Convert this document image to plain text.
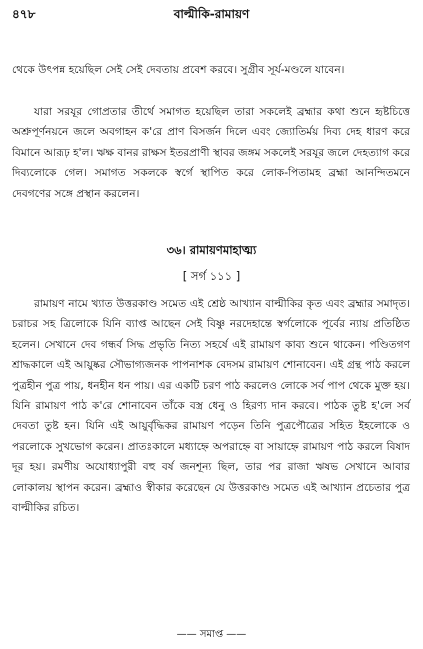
৪৭৮	বাল্মীকি-রামায়ণ

থেকে উৎপন্ন হয়েছিল সেই সেই দেবতায় প্রবেশ করবে। সুগ্রীব সূর্য-মণ্ডলে যাবেন।

যারা সরযূর গোপ্রতার তীর্থে সমাগত হয়েছিল তারা সকলেই ব্রহ্মার কথা শুনে হৃষ্টচিত্তে অশ্রুপূর্ণনয়নে জলে অবগাহন ক'রে প্রাণ বিসর্জন দিলে এবং জ্যোতির্ময় দিব্য দেহ ধারণ করে বিমানে আরূঢ় হ'ল। ঋক্ষ বানর রাক্ষস ইতরপ্রাণী স্থাবর জঙ্গম সকলেই সরযূর জলে দেহত্যাগ করে দিব্যলোকে গেল। সমাগত সকলকে স্বর্গে স্থাপিত করে লোক-পিতামহ ব্রহ্মা আনন্দিতমনে দেবগণের সঙ্গে প্রস্থান করলেন।

৩৬। রামায়ণমাহাত্ম্য
[ সর্গ ১১১ ]

রামায়ণ নামে খ্যাত উত্তরকাণ্ড সমেত এই শ্রেষ্ঠ আখ্যান বাল্মীকির কৃত এবং ব্রহ্মার সমাদৃত। চরাচর সহ ত্রিলোকে যিনি ব্যাপ্ত আছেন সেই বিষ্ণু নরদেহান্তে স্বর্গলোকে পূর্বের ন্যায় প্রতিষ্ঠিত হলেন। সেখানে দেব গন্ধর্ব সিদ্ধ প্রভৃতি নিত্য সহর্ষে এই রামায়ণ কাব্য শুনে থাকেন। পণ্ডিতগণ শ্রাদ্ধকালে এই আয়ুষ্কর সৌভাগ্যজনক পাপনাশক বেদসম রামায়ণ শোনাবেন। এই গ্রন্থ পাঠ করলে পুত্রহীন পুত্র পায়, ধনহীন ধন পায়। এর একটি চরণ পাঠ করলেও লোকে সর্ব পাপ থেকে মুক্ত হয়। যিনি রামায়ণ পাঠ ক'রে শোনাবেন তাঁকে বস্ত্র ধেনু ও হিরণ্য দান করবে। পাঠক তুষ্ট হ'লে সর্ব দেবতা তুষ্ট হন। যিনি এই আয়ুর্বৃদ্ধিকর রামায়ণ পড়েন তিনি পুত্রপৌত্রের সহিত ইহলোকে ও পরলোকে সুখভোগ করেন। প্রাতঃকালে মধ্যাহ্নে অপরাহ্নে বা সায়াহ্নে রামায়ণ পাঠ করলে বিষাদ দূর হয়। রমণীয় অযোধ্যাপুরী বহু বর্ষ জনশূন্য ছিল, তার পর রাজা ঋষভ সেখানে আবার লোকালয় স্থাপন করেন। ব্রহ্মাও স্বীকার করেছেন যে উত্তরকাণ্ড সমেত এই আখ্যান প্রচেতার পুত্র বাল্মীকির রচিত।

—— সমাপ্ত ——
